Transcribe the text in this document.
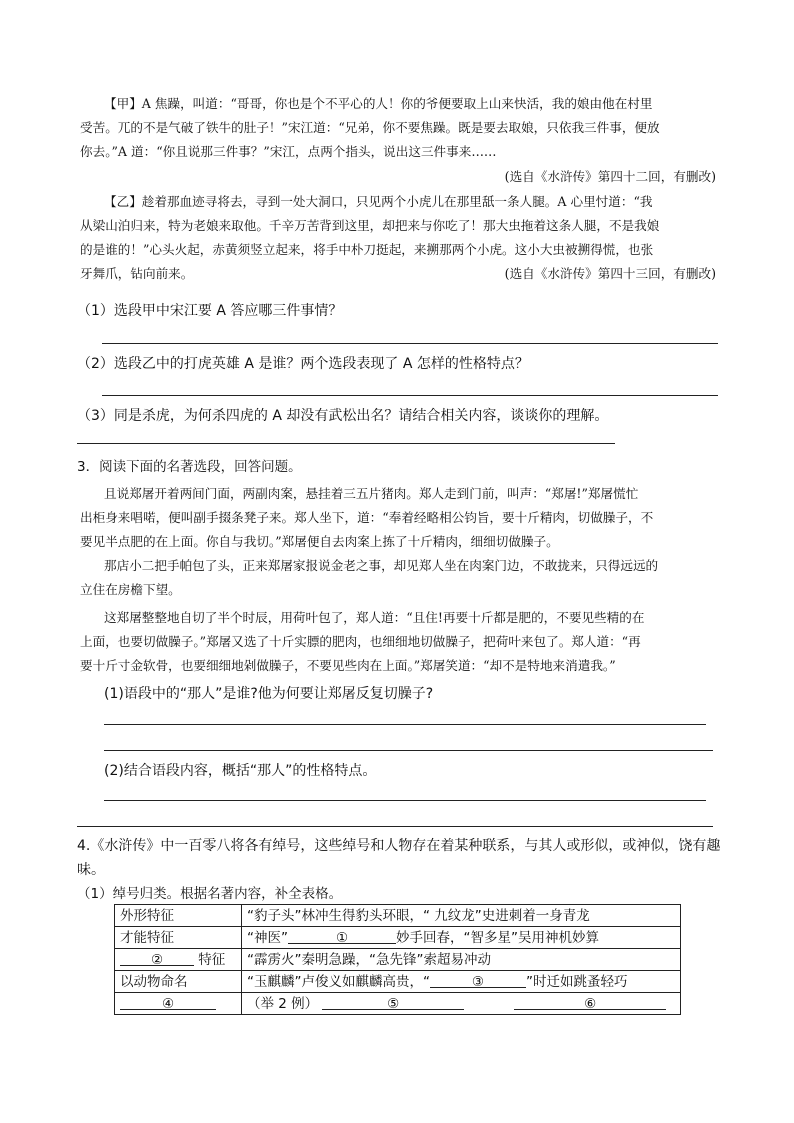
【甲】A 焦躁，叫道：“哥哥，你也是个不平心的人！你的爷便要取上山来快活，我的娘由他在村里
受苦。兀的不是气破了铁牛的肚子！”宋江道：“兄弟，你不要焦躁。既是要去取娘，只依我三件事，便放
你去。”A 道：“你且说那三件事？”宋江，点两个指头，说出这三件事来……
(选自《水浒传》第四十二回，有删改)
【乙】趁着那血迹寻将去，寻到一处大洞口，只见两个小虎儿在那里舐一条人腿。A 心里忖道：“我
从梁山泊归来，特为老娘来取他。千辛万苦背到这里，却把来与你吃了！那大虫拖着这条人腿，不是我娘
的是谁的！”心头火起，赤黄须竖立起来，将手中朴刀挺起，来搠那两个小虎。这小大虫被搠得慌，也张
牙舞爪，钻向前来。	(选自《水浒传》第四十三回，有删改)
（1）选段甲中宋江要 A 答应哪三件事情？
（2）选段乙中的打虎英雄 A 是谁？两个选段表现了 A 怎样的性格特点？
（3）同是杀虎，为何杀四虎的 A 却没有武松出名？请结合相关内容，谈谈你的理解。
3．阅读下面的名著选段，回答问题。
且说郑屠开着两间门面，两副肉案，悬挂着三五片猪肉。郑人走到门前，叫声：“郑屠!”郑屠慌忙
出柜身来唱喏，便叫副手掇条凳子来。郑人坐下，道：“奉着经略相公钧旨，要十斤精肉，切做臊子，不
要见半点肥的在上面。你自与我切。”郑屠便自去肉案上拣了十斤精肉，细细切做臊子。
那店小二把手帕包了头，正来郑屠家报说金老之事，却见郑人坐在肉案门边，不敢拢来，只得远远的
立住在房檐下望。
这郑屠整整地自切了半个时辰，用荷叶包了，郑人道：“且住!再要十斤都是肥的，不要见些精的在
上面，也要切做臊子。”郑屠又选了十斤实膘的肥肉，也细细地切做臊子，把荷叶来包了。郑人道：“再
要十斤寸金软骨，也要细细地剁做臊子，不要见些肉在上面。”郑屠笑道：“却不是特地来消遣我。”
(1)语段中的“那人”是谁?他为何要让郑屠反复切臊子?
(2)结合语段内容，概括“那人”的性格特点。
4.《水浒传》中一百零八将各有绰号，这些绰号和人物存在着某种联系，与其人或形似，或神似，饶有趣
味。
（1）绰号归类。根据名著内容，补全表格。
外形特征	“豹子头”林冲生得豹头环眼，“ 九纹龙”史进刺着一身青龙
才能特征	“神医” ① 妙手回春，“智多星”吴用神机妙算
② 特征	“霹雳火”秦明急躁，“急先锋”索超易冲动
以动物命名	“玉麒麟”卢俊义如麒麟高贵，“ ③ ”时迁如跳蚤轻巧
④	（举 2 例） ⑤ ⑥
